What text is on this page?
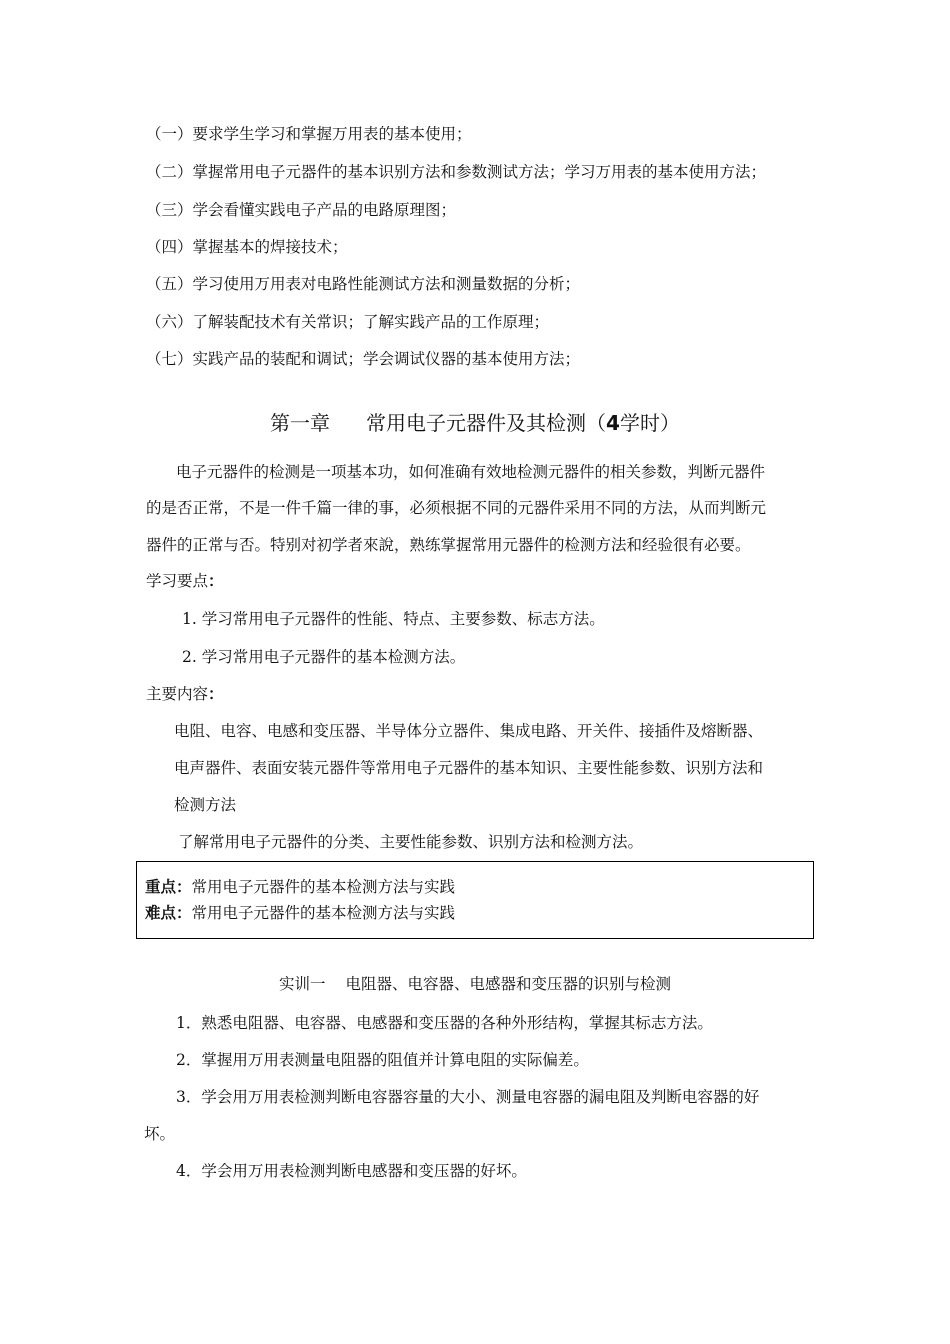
（一）要求学生学习和掌握万用表的基本使用；
（二）掌握常用电子元器件的基本识别方法和参数测试方法；学习万用表的基本使用方法；
（三）学会看懂实践电子产品的电路原理图；
（四）掌握基本的焊接技术；
（五）学习使用万用表对电路性能测试方法和测量数据的分析；
（六）了解装配技术有关常识；了解实践产品的工作原理；
（七）实践产品的装配和调试；学会调试仪器的基本使用方法；
第一章 常用电子元器件及其检测（4学时）
电子元器件的检测是一项基本功，如何准确有效地检测元器件的相关参数，判断元器件
的是否正常，不是一件千篇一律的事，必须根据不同的元器件采用不同的方法，从而判断元
器件的正常与否。特别对初学者來說，熟练掌握常用元器件的检测方法和经验很有必要。
学习要点：
1. 学习常用电子元器件的性能、特点、主要参数、标志方法。
2. 学习常用电子元器件的基本检测方法。
主要内容：
电阻、电容、电感和变压器、半导体分立器件、集成电路、开关件、接插件及熔断器、
电声器件、表面安装元器件等常用电子元器件的基本知识、主要性能参数、识别方法和
检测方法
了解常用电子元器件的分类、主要性能参数、识别方法和检测方法。
重点：常用电子元器件的基本检测方法与实践
难点：常用电子元器件的基本检测方法与实践
实训一 电阻器、电容器、电感器和变压器的识别与检测
1．熟悉电阻器、电容器、电感器和变压器的各种外形结构，掌握其标志方法。
2．掌握用万用表测量电阻器的阻值并计算电阻的实际偏差。
3．学会用万用表检测判断电容器容量的大小、测量电容器的漏电阻及判断电容器的好
坏。
4．学会用万用表检测判断电感器和变压器的好坏。
